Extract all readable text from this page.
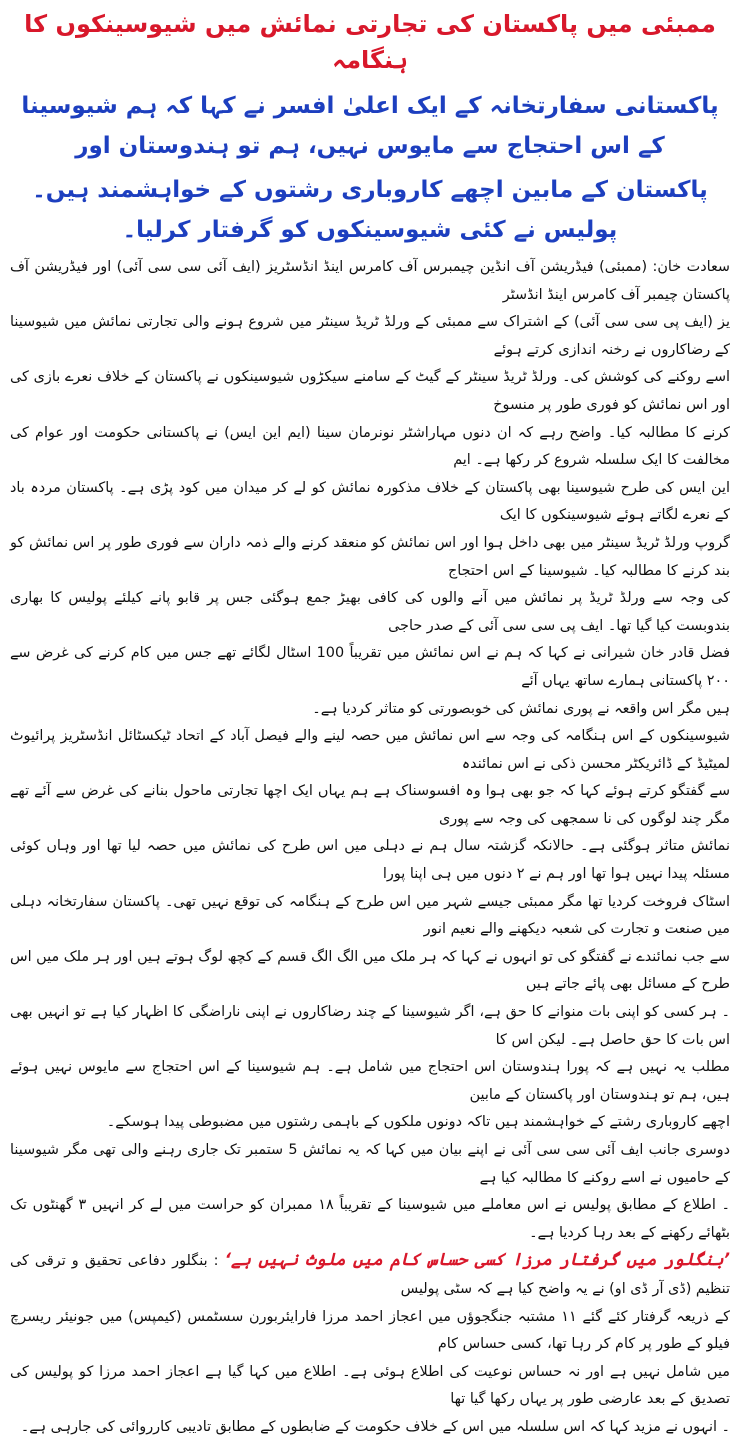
ممبئی میں پاکستان کی تجارتی نمائش میں شیوسینکوں کا ہنگامہ
پاکستانی سفارتخانہ کے ایک اعلیٰ افسر نے کہا کہ ہم شیوسینا کے اس احتجاج سے مایوس نہیں، ہم تو ہندوستان اور
پاکستان کے مابین اچھے کاروباری رشتوں کے خواہشمند ہیں۔ پولیس نے کئی شیوسینکوں کو گرفتار کرلیا۔

سعادت خان: (ممبئی) فیڈریشن آف انڈین چیمبرس آف کامرس اینڈ انڈسٹریز (ایف آئی سی سی آئی) اور فیڈریشن آف پاکستان چیمبر آف کامرس اینڈ انڈسٹر
یز (ایف پی سی سی آئی) کے اشتراک سے ممبئی کے ورلڈ ٹریڈ سینٹر میں شروع ہونے والی تجارتی نمائش میں شیوسینا کے رضاکاروں نے رخنہ اندازی کرتے ہوئے
اسے روکنے کی کوشش کی۔ ورلڈ ٹریڈ سینٹر کے گیٹ کے سامنے سیکڑوں شیوسینکوں نے پاکستان کے خلاف نعرے بازی کی اور اس نمائش کو فوری طور پر منسوخ
کرنے کا مطالبہ کیا۔ واضح رہے کہ ان دنوں مہاراشٹر نونرمان سینا (ایم این ایس) نے پاکستانی حکومت اور عوام کی مخالفت کا ایک سلسلہ شروع کر رکھا ہے۔ ایم
این ایس کی طرح شیوسینا بھی پاکستان کے خلاف مذکورہ نمائش کو لے کر میدان میں کود پڑی ہے۔ پاکستان مردہ باد کے نعرے لگاتے ہوئے شیوسینکوں کا ایک
گروپ ورلڈ ٹریڈ سینٹر میں بھی داخل ہوا اور اس نمائش کو منعقد کرنے والے ذمہ داران سے فوری طور پر اس نمائش کو بند کرنے کا مطالبہ کیا۔ شیوسینا کے اس احتجاج
کی وجہ سے ورلڈ ٹریڈ پر نمائش میں آنے والوں کی کافی بھیڑ جمع ہوگئی جس پر قابو پانے کیلئے پولیس کا بھاری بندوبست کیا گیا تھا۔ ایف پی سی سی آئی کے صدر حاجی
فضل قادر خان شیرانی نے کہا کہ ہم نے اس نمائش میں تقریباً 100 اسٹال لگائے تھے جس میں کام کرنے کی غرض سے ۲۰۰ پاکستانی ہمارے ساتھ یہاں آئے
ہیں مگر اس واقعہ نے پوری نمائش کی خوبصورتی کو متاثر کردیا ہے۔

شیوسینکوں کے اس ہنگامہ کی وجہ سے اس نمائش میں حصہ لینے والے فیصل آباد کے اتحاد ٹیکسٹائل انڈسٹریز پرائیوٹ لمیٹیڈ کے ڈائریکٹر محسن ذکی نے اس نمائندہ
سے گفتگو کرتے ہوئے کہا کہ جو بھی ہوا وہ افسوسناک ہے ہم یہاں ایک اچھا تجارتی ماحول بنانے کی غرض سے آئے تھے مگر چند لوگوں کی نا سمجھی کی وجہ سے پوری
نمائش متاثر ہوگئی ہے۔ حالانکہ گزشتہ سال ہم نے دہلی میں اس طرح کی نمائش میں حصہ لیا تھا اور وہاں کوئی مسئلہ پیدا نہیں ہوا تھا اور ہم نے ۲ دنوں میں ہی اپنا پورا
اسٹاک فروخت کردیا تھا مگر ممبئی جیسے شہر میں اس طرح کے ہنگامہ کی توقع نہیں تھی۔ پاکستان سفارتخانہ دہلی میں صنعت و تجارت کی شعبہ دیکھنے والے نعیم انور
سے جب نمائندے نے گفتگو کی تو انہوں نے کہا کہ ہر ملک میں الگ الگ قسم کے کچھ لوگ ہوتے ہیں اور ہر ملک میں اس طرح کے مسائل بھی پائے جاتے ہیں
۔ ہر کسی کو اپنی بات منوانے کا حق ہے، اگر شیوسینا کے چند رضاکاروں نے اپنی ناراضگی کا اظہار کیا ہے تو انہیں بھی اس بات کا حق حاصل ہے۔ لیکن اس کا
مطلب یہ نہیں ہے کہ پورا ہندوستان اس احتجاج میں شامل ہے۔ ہم شیوسینا کے اس احتجاج سے مایوس نہیں ہوئے ہیں، ہم تو ہندوستان اور پاکستان کے مابین
اچھے کاروباری رشتے کے خواہشمند ہیں تاکہ دونوں ملکوں کے باہمی رشتوں میں مضبوطی پیدا ہوسکے۔

دوسری جانب ایف آئی سی سی آئی نے اپنے بیان میں کہا کہ یہ نمائش 5 ستمبر تک جاری رہنے والی تھی مگر شیوسینا کے حامیوں نے اسے روکنے کا مطالبہ کیا ہے
۔ اطلاع کے مطابق پولیس نے اس معاملے میں شیوسینا کے تقریباً ۱۸ ممبران کو حراست میں لے کر انہیں ۳ گھنٹوں تک بٹھائے رکھنے کے بعد رہا کردیا ہے۔

’بنگلور میں گرفتار مرزا کسی حساس کام میں ملوث نہیں ہے‘ : بنگلور دفاعی تحقیق و ترقی کی تنظیم (ڈی آر ڈی او) نے یہ واضح کیا ہے کہ سٹی پولیس
کے ذریعہ گرفتار کئے گئے ۱۱ مشتبہ جنگجوؤں میں اعجاز احمد مرزا فارایئربورن سسٹمس (کیمپس) میں جونیئر ریسرچ فیلو کے طور پر کام کر رہا تھا، کسی حساس کام
میں شامل نہیں ہے اور نہ حساس نوعیت کی اطلاع ہوئی ہے۔ اطلاع میں کہا گیا ہے اعجاز احمد مرزا کو پولیس کی تصدیق کے بعد عارضی طور پر یہاں رکھا گیا تھا
۔ انہوں نے مزید کہا کہ اس سلسلہ میں اس کے خلاف حکومت کے ضابطوں کے مطابق تادیبی کارروائی کی جارہی ہے۔
